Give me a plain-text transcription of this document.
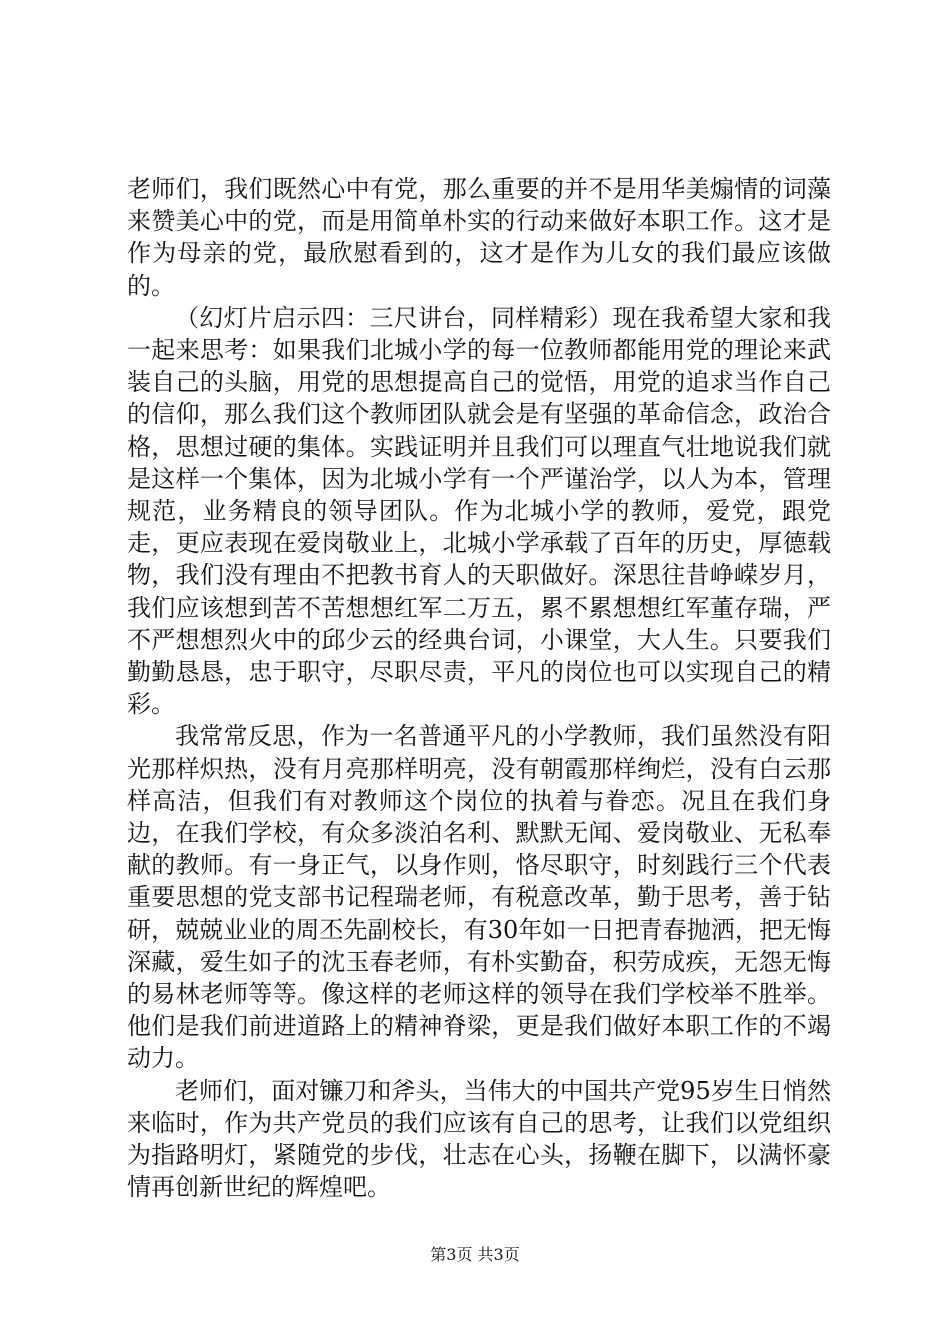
老师们，我们既然心中有党，那么重要的并不是用华美煽情的词藻来赞美心中的党，而是用简单朴实的行动来做好本职工作。这才是作为母亲的党，最欣慰看到的，这才是作为儿女的我们最应该做的。

（幻灯片启示四：三尺讲台，同样精彩）现在我希望大家和我一起来思考：如果我们北城小学的每一位教师都能用党的理论来武装自己的头脑，用党的思想提高自己的觉悟，用党的追求当作自己的信仰，那么我们这个教师团队就会是有坚强的革命信念，政治合格，思想过硬的集体。实践证明并且我们可以理直气壮地说我们就是这样一个集体，因为北城小学有一个严谨治学，以人为本，管理规范，业务精良的领导团队。作为北城小学的教师，爱党，跟党走，更应表现在爱岗敬业上，北城小学承载了百年的历史，厚德载物，我们没有理由不把教书育人的天职做好。深思往昔峥嵘岁月，我们应该想到苦不苦想想红军二万五，累不累想想红军董存瑞，严不严想想烈火中的邱少云的经典台词，小课堂，大人生。只要我们勤勤恳恳，忠于职守，尽职尽责，平凡的岗位也可以实现自己的精彩。

我常常反思，作为一名普通平凡的小学教师，我们虽然没有阳光那样炽热，没有月亮那样明亮，没有朝霞那样绚烂，没有白云那样高洁，但我们有对教师这个岗位的执着与眷恋。况且在我们身边，在我们学校，有众多淡泊名利、默默无闻、爱岗敬业、无私奉献的教师。有一身正气，以身作则，恪尽职守，时刻践行三个代表重要思想的党支部书记程瑞老师，有税意改革，勤于思考，善于钻研，兢兢业业的周丕先副校长，有30年如一日把青春抛洒，把无悔深藏，爱生如子的沈玉春老师，有朴实勤奋，积劳成疾，无怨无悔的易林老师等等。像这样的老师这样的领导在我们学校举不胜举。他们是我们前进道路上的精神脊梁，更是我们做好本职工作的不竭动力。

老师们，面对镰刀和斧头，当伟大的中国共产党95岁生日悄然来临时，作为共产党员的我们应该有自己的思考，让我们以党组织为指路明灯，紧随党的步伐，壮志在心头，扬鞭在脚下，以满怀豪情再创新世纪的辉煌吧。

第3页 共3页
